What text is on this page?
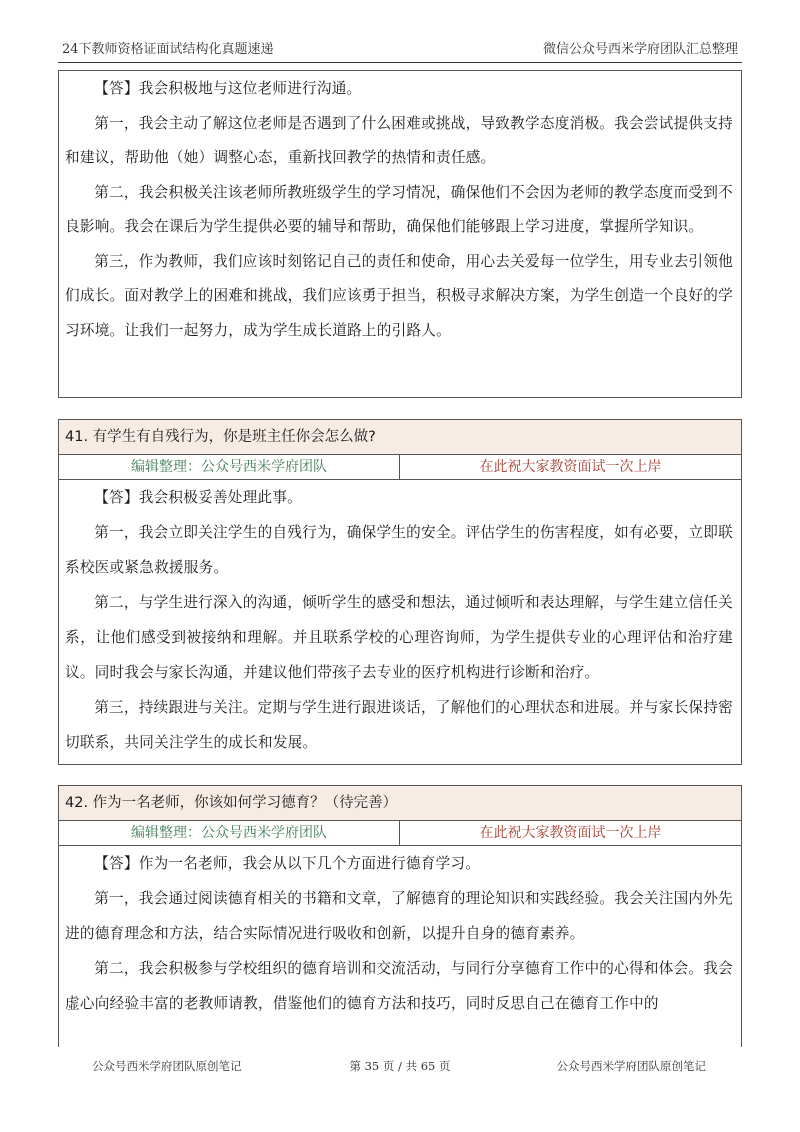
24下教师资格证面试结构化真题速递	微信公众号西米学府团队汇总整理

【答】我会积极地与这位老师进行沟通。

第一，我会主动了解这位老师是否遇到了什么困难或挑战，导致教学态度消极。我会尝试提供支持和建议，帮助他（她）调整心态，重新找回教学的热情和责任感。

第二，我会积极关注该老师所教班级学生的学习情况，确保他们不会因为老师的教学态度而受到不良影响。我会在课后为学生提供必要的辅导和帮助，确保他们能够跟上学习进度，掌握所学知识。

第三，作为教师，我们应该时刻铭记自己的责任和使命，用心去关爱每一位学生，用专业去引领他们成长。面对教学上的困难和挑战，我们应该勇于担当，积极寻求解决方案，为学生创造一个良好的学习环境。让我们一起努力，成为学生成长道路上的引路人。

41. 有学生有自残行为，你是班主任你会怎么做?
编辑整理：公众号西米学府团队	在此祝大家教资面试一次上岸

【答】我会积极妥善处理此事。

第一，我会立即关注学生的自残行为，确保学生的安全。评估学生的伤害程度，如有必要，立即联系校医或紧急救援服务。

第二，与学生进行深入的沟通，倾听学生的感受和想法，通过倾听和表达理解，与学生建立信任关系，让他们感受到被接纳和理解。并且联系学校的心理咨询师，为学生提供专业的心理评估和治疗建议。同时我会与家长沟通，并建议他们带孩子去专业的医疗机构进行诊断和治疗。

第三，持续跟进与关注。定期与学生进行跟进谈话，了解他们的心理状态和进展。并与家长保持密切联系，共同关注学生的成长和发展。

42. 作为一名老师，你该如何学习德育？（待完善）
编辑整理：公众号西米学府团队	在此祝大家教资面试一次上岸

【答】作为一名老师，我会从以下几个方面进行德育学习。

第一，我会通过阅读德育相关的书籍和文章，了解德育的理论知识和实践经验。我会关注国内外先进的德育理念和方法，结合实际情况进行吸收和创新，以提升自身的德育素养。

第二，我会积极参与学校组织的德育培训和交流活动，与同行分享德育工作中的心得和体会。我会虚心向经验丰富的老教师请教，借鉴他们的德育方法和技巧，同时反思自己在德育工作中的

公众号西米学府团队原创笔记	第 35 页 / 共 65 页	公众号西米学府团队原创笔记
